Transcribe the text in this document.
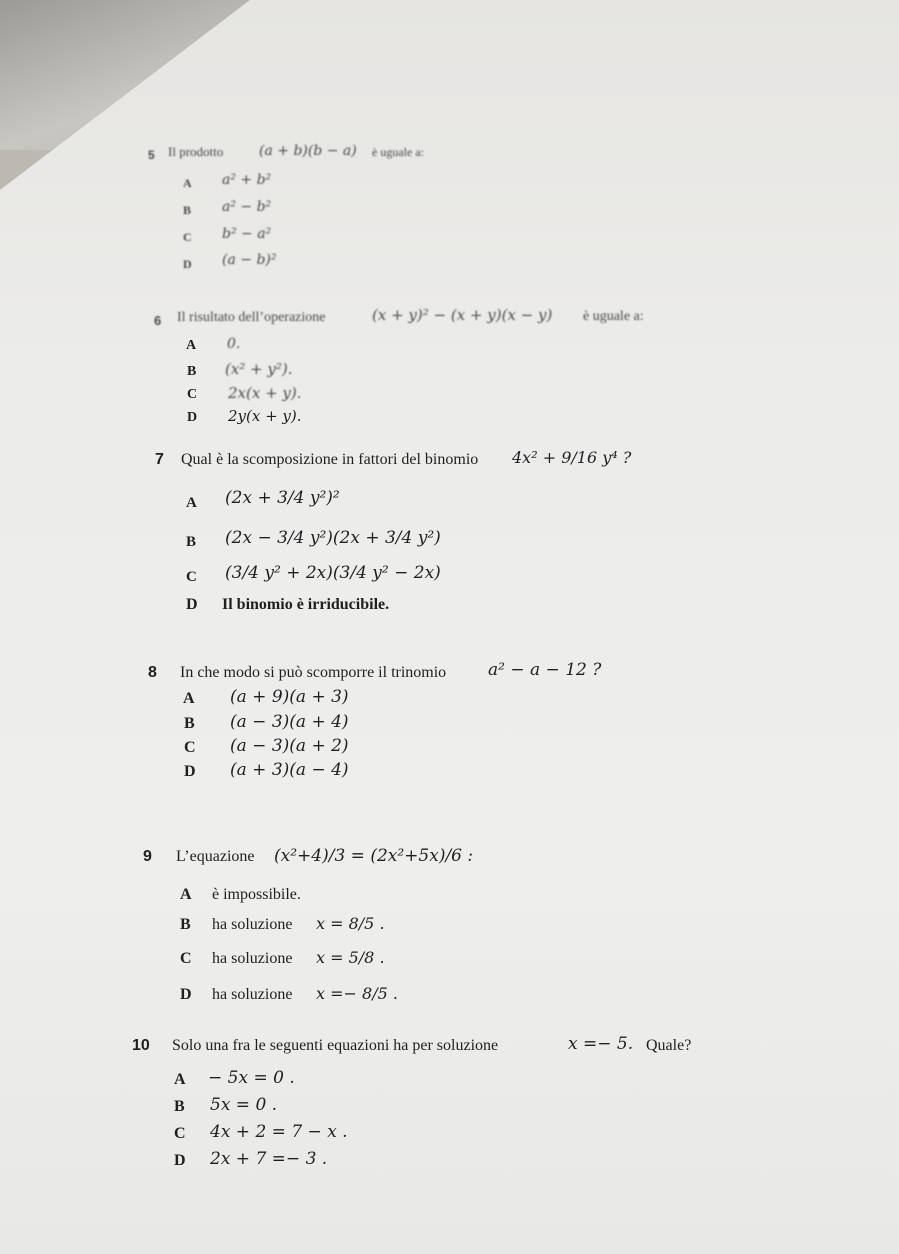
5 Il prodotto	(a + b)(b − a) è uguale a:
A a² + b²
B a² − b²
C b² − a²
D (a − b)²
6 Il risultato dell’operazione	(x + y)² − (x + y)(x − y) è uguale a:
A 0.
B (x² + y²).
C 2x(x + y).
D 2y(x + y).
7 Qual è la scomposizione in fattori del binomio 4x² + 9/16 y⁴ ?
A (2x + 3/4 y²)²
B (2x − 3/4 y²)(2x + 3/4 y²)
C (3/4 y² + 2x)(3/4 y² − 2x)
D Il binomio è irriducibile.
8 In che modo si può scomporre il trinomio a² − a − 12 ?
A (a + 9)(a + 3)
B (a − 3)(a + 4)
C (a − 3)(a + 2)
D (a + 3)(a − 4)
9 L’equazione (x²+4)/3 = (2x²+5x)/6 :
A è impossibile.
B ha soluzione x = 8/5 .
C ha soluzione x = 5/8 .
D ha soluzione x =− 8/5 .
10 Solo una fra le seguenti equazioni ha per soluzione	x =− 5. Quale?
A − 5x = 0 .
B 5x = 0 .
C 4x + 2 = 7 − x .
D 2x + 7 =− 3 .
